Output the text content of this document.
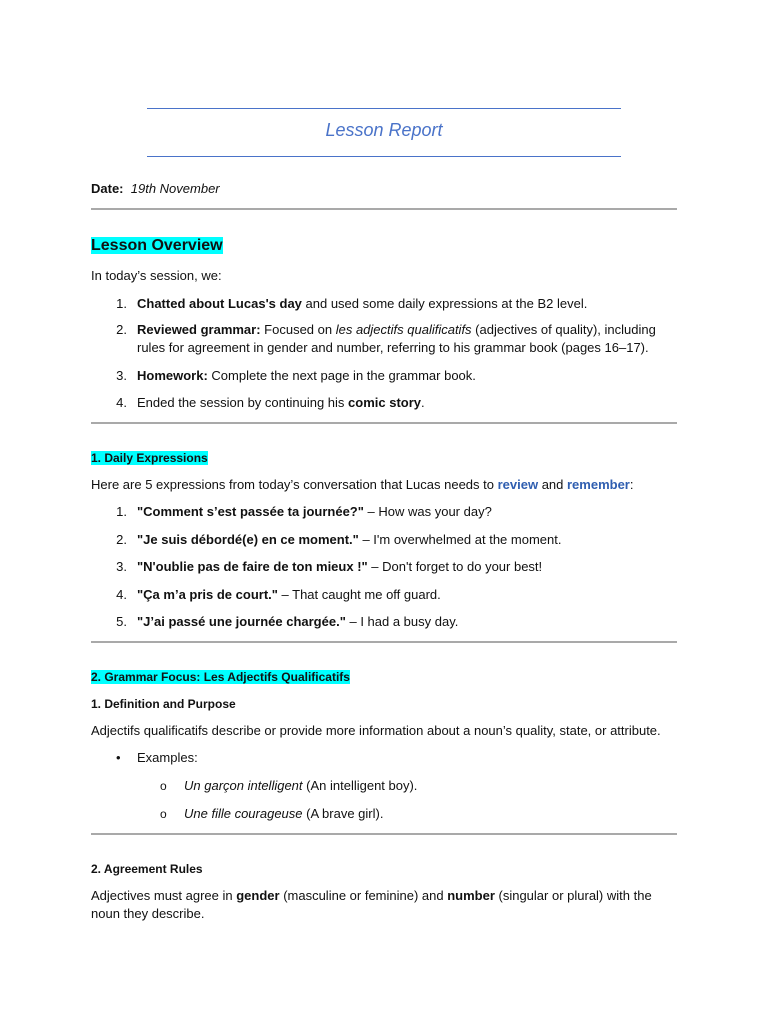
Lesson Report
Date: 19th November
Lesson Overview
In today’s session, we:
1. Chatted about Lucas's day and used some daily expressions at the B2 level.
2. Reviewed grammar: Focused on les adjectifs qualificatifs (adjectives of quality), including rules for agreement in gender and number, referring to his grammar book (pages 16–17).
3. Homework: Complete the next page in the grammar book.
4. Ended the session by continuing his comic story.
1. Daily Expressions
Here are 5 expressions from today’s conversation that Lucas needs to review and remember:
1. "Comment s’est passée ta journée?" – How was your day?
2. "Je suis débordé(e) en ce moment." – I'm overwhelmed at the moment.
3. "N'oublie pas de faire de ton mieux !" – Don't forget to do your best!
4. "Ça m’a pris de court." – That caught me off guard.
5. "J’ai passé une journée chargée." – I had a busy day.
2. Grammar Focus: Les Adjectifs Qualificatifs
1. Definition and Purpose
Adjectifs qualificatifs describe or provide more information about a noun’s quality, state, or attribute.
• Examples:
o Un garçon intelligent (An intelligent boy).
o Une fille courageuse (A brave girl).
2. Agreement Rules
Adjectives must agree in gender (masculine or feminine) and number (singular or plural) with the
noun they describe.
